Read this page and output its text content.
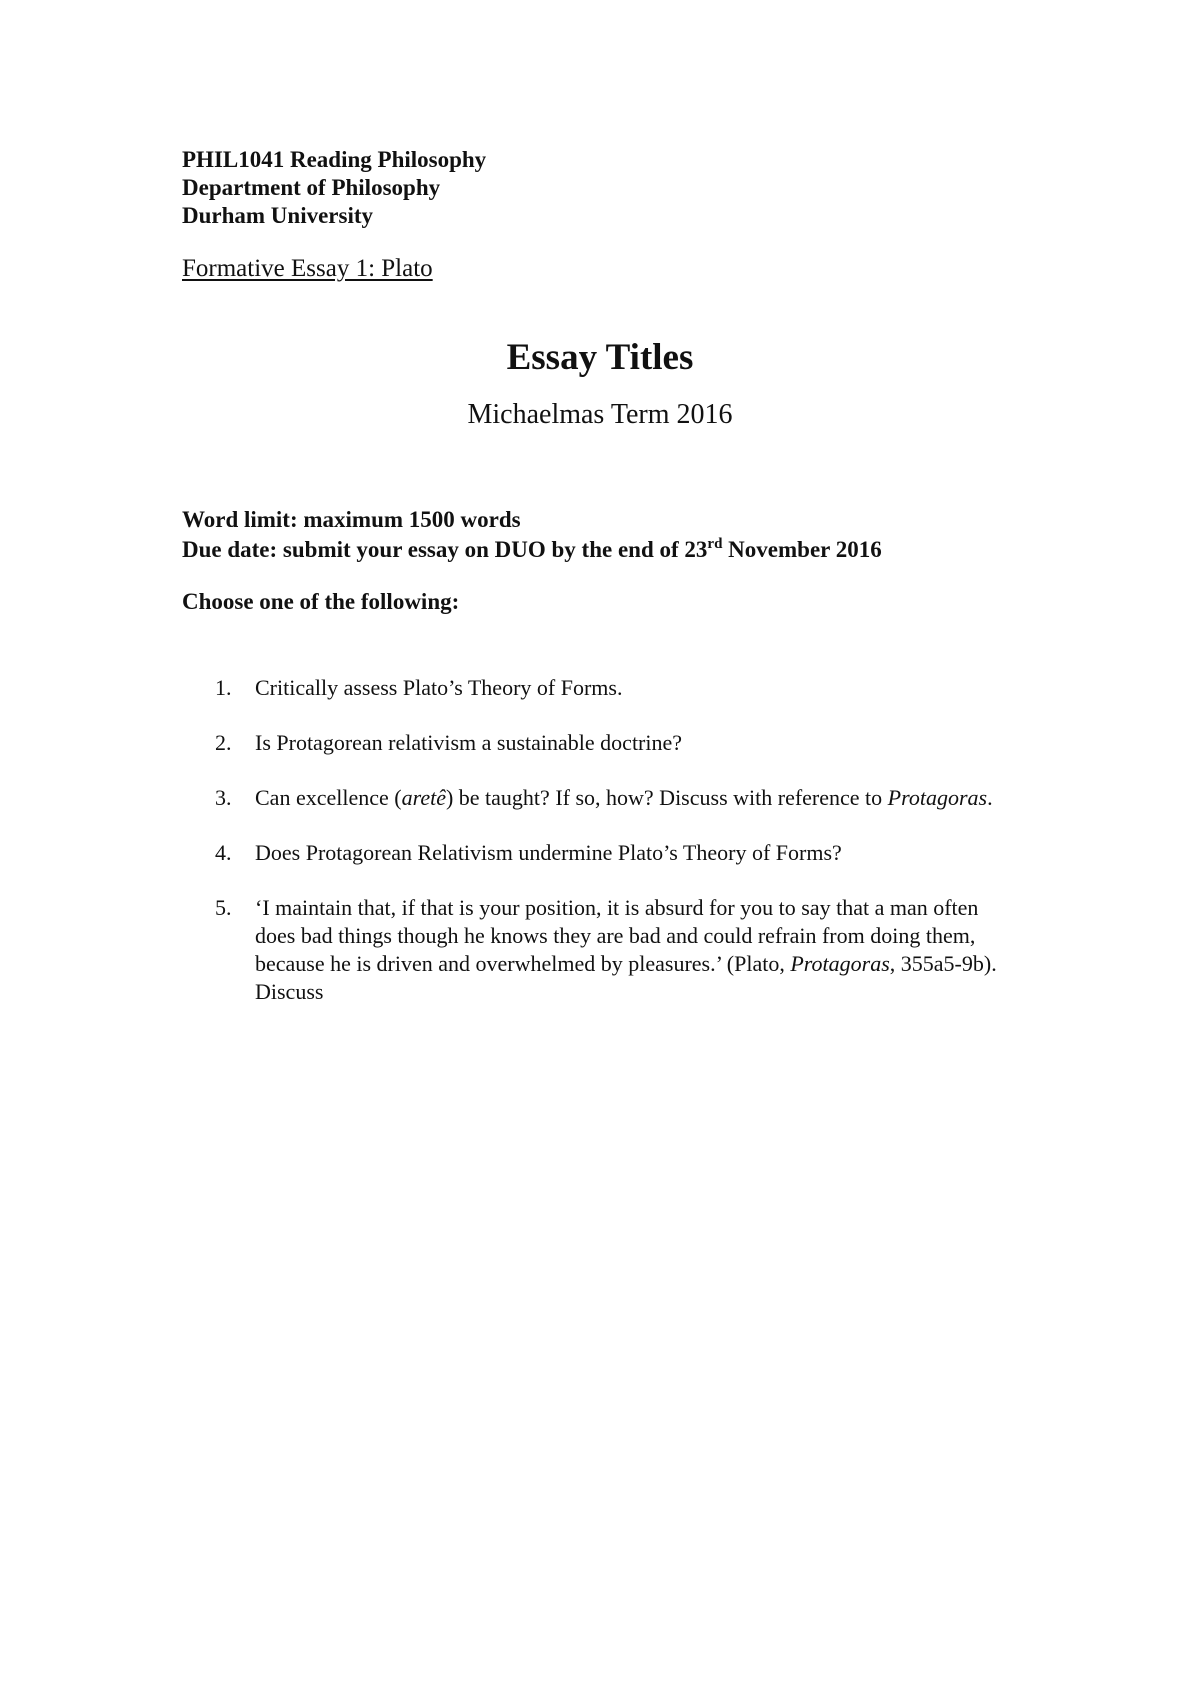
PHIL1041 Reading Philosophy
Department of Philosophy
Durham University
Formative Essay 1: Plato
Essay Titles
Michaelmas Term 2016
Word limit: maximum 1500 words
Due date: submit your essay on DUO by the end of 23rd November 2016
Choose one of the following:
1. Critically assess Plato’s Theory of Forms.
2. Is Protagorean relativism a sustainable doctrine?
3. Can excellence (aretê) be taught? If so, how? Discuss with reference to Protagoras.
4. Does Protagorean Relativism undermine Plato’s Theory of Forms?
5. ‘I maintain that, if that is your position, it is absurd for you to say that a man often does bad things though he knows they are bad and could refrain from doing them, because he is driven and overwhelmed by pleasures.’ (Plato, Protagoras, 355a5-9b). Discuss
